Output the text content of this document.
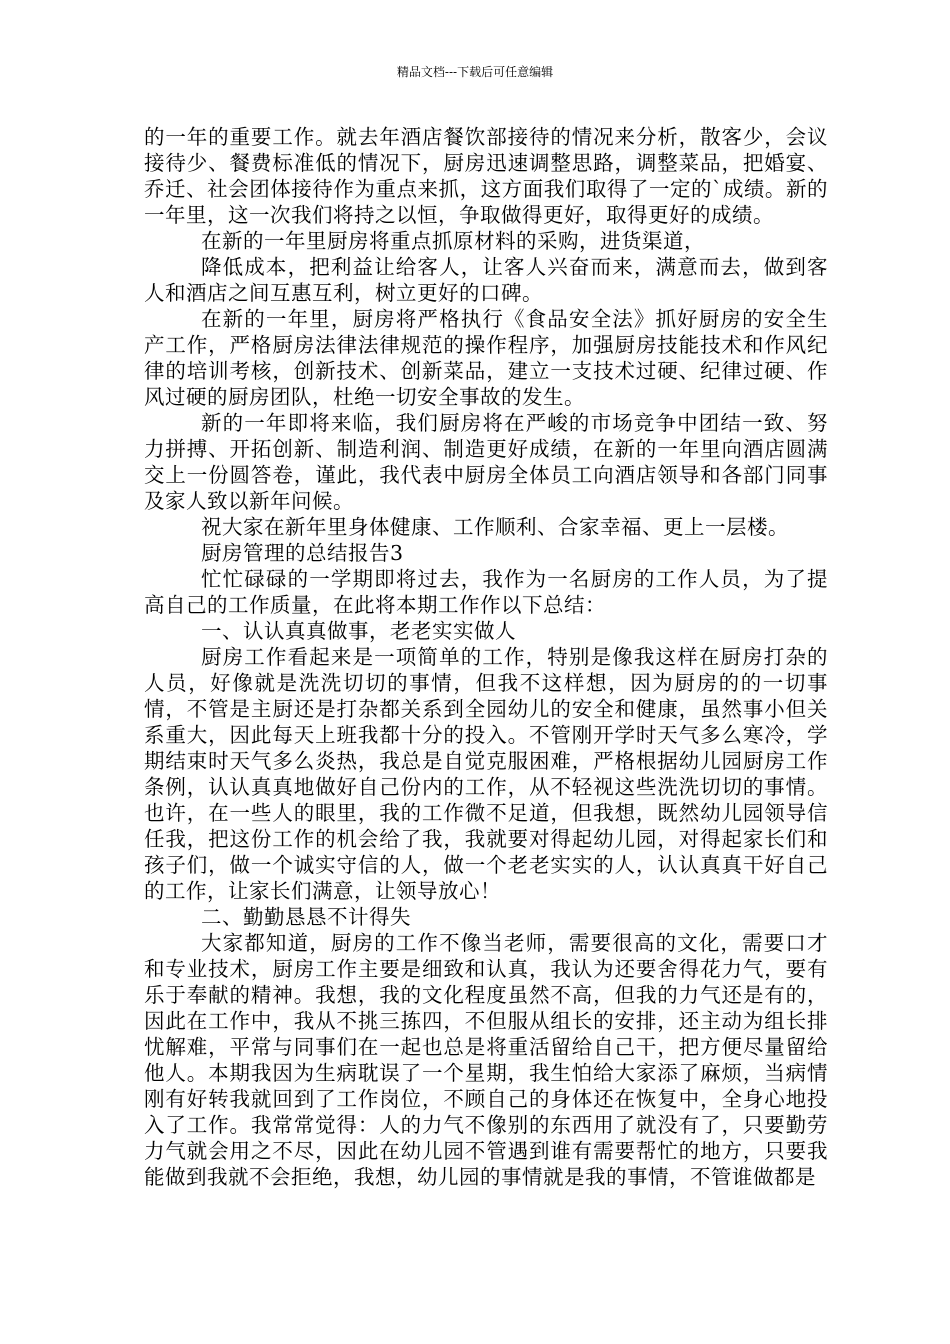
精品文档---下载后可任意编辑

的一年的重要工作。就去年酒店餐饮部接待的情况来分析，散客少，会议接待少、餐费标准低的情况下，厨房迅速调整思路，调整菜品，把婚宴、乔迁、社会团体接待作为重点来抓，这方面我们取得了一定的`成绩。新的一年里，这一次我们将持之以恒，争取做得更好，取得更好的成绩。

在新的一年里厨房将重点抓原材料的采购，进货渠道，

降低成本，把利益让给客人，让客人兴奋而来，满意而去，做到客人和酒店之间互惠互利，树立更好的口碑。

在新的一年里，厨房将严格执行《食品安全法》抓好厨房的安全生产工作，严格厨房法律法律规范的操作程序，加强厨房技能技术和作风纪律的培训考核，创新技术、创新菜品，建立一支技术过硬、纪律过硬、作风过硬的厨房团队，杜绝一切安全事故的发生。

新的一年即将来临，我们厨房将在严峻的市场竞争中团结一致、努力拼搏、开拓创新、制造利润、制造更好成绩，在新的一年里向酒店圆满交上一份圆答卷，谨此，我代表中厨房全体员工向酒店领导和各部门同事及家人致以新年问候。

祝大家在新年里身体健康、工作顺利、合家幸福、更上一层楼。

厨房管理的总结报告3

忙忙碌碌的一学期即将过去，我作为一名厨房的工作人员，为了提高自己的工作质量，在此将本期工作作以下总结：

一、认认真真做事，老老实实做人

厨房工作看起来是一项简单的工作，特别是像我这样在厨房打杂的人员，好像就是洗洗切切的事情，但我不这样想，因为厨房的的一切事情，不管是主厨还是打杂都关系到全园幼儿的安全和健康，虽然事小但关系重大，因此每天上班我都十分的投入。不管刚开学时天气多么寒冷，学期结束时天气多么炎热，我总是自觉克服困难，严格根据幼儿园厨房工作条例，认认真真地做好自己份内的工作，从不轻视这些洗洗切切的事情。也许，在一些人的眼里，我的工作微不足道，但我想，既然幼儿园领导信任我，把这份工作的机会给了我，我就要对得起幼儿园，对得起家长们和孩子们，做一个诚实守信的人，做一个老老实实的人，认认真真干好自己的工作，让家长们满意，让领导放心！

二、勤勤恳恳不计得失

大家都知道，厨房的工作不像当老师，需要很高的文化，需要口才和专业技术，厨房工作主要是细致和认真，我认为还要舍得花力气，要有乐于奉献的精神。我想，我的文化程度虽然不高，但我的力气还是有的，因此在工作中，我从不挑三拣四，不但服从组长的安排，还主动为组长排忧解难，平常与同事们在一起也总是将重活留给自己干，把方便尽量留给他人。本期我因为生病耽误了一个星期，我生怕给大家添了麻烦，当病情刚有好转我就回到了工作岗位，不顾自己的身体还在恢复中，全身心地投入了工作。我常常觉得：人的力气不像别的东西用了就没有了，只要勤劳力气就会用之不尽，因此在幼儿园不管遇到谁有需要帮忙的地方，只要我能做到我就不会拒绝，我想，幼儿园的事情就是我的事情，不管谁做都是
